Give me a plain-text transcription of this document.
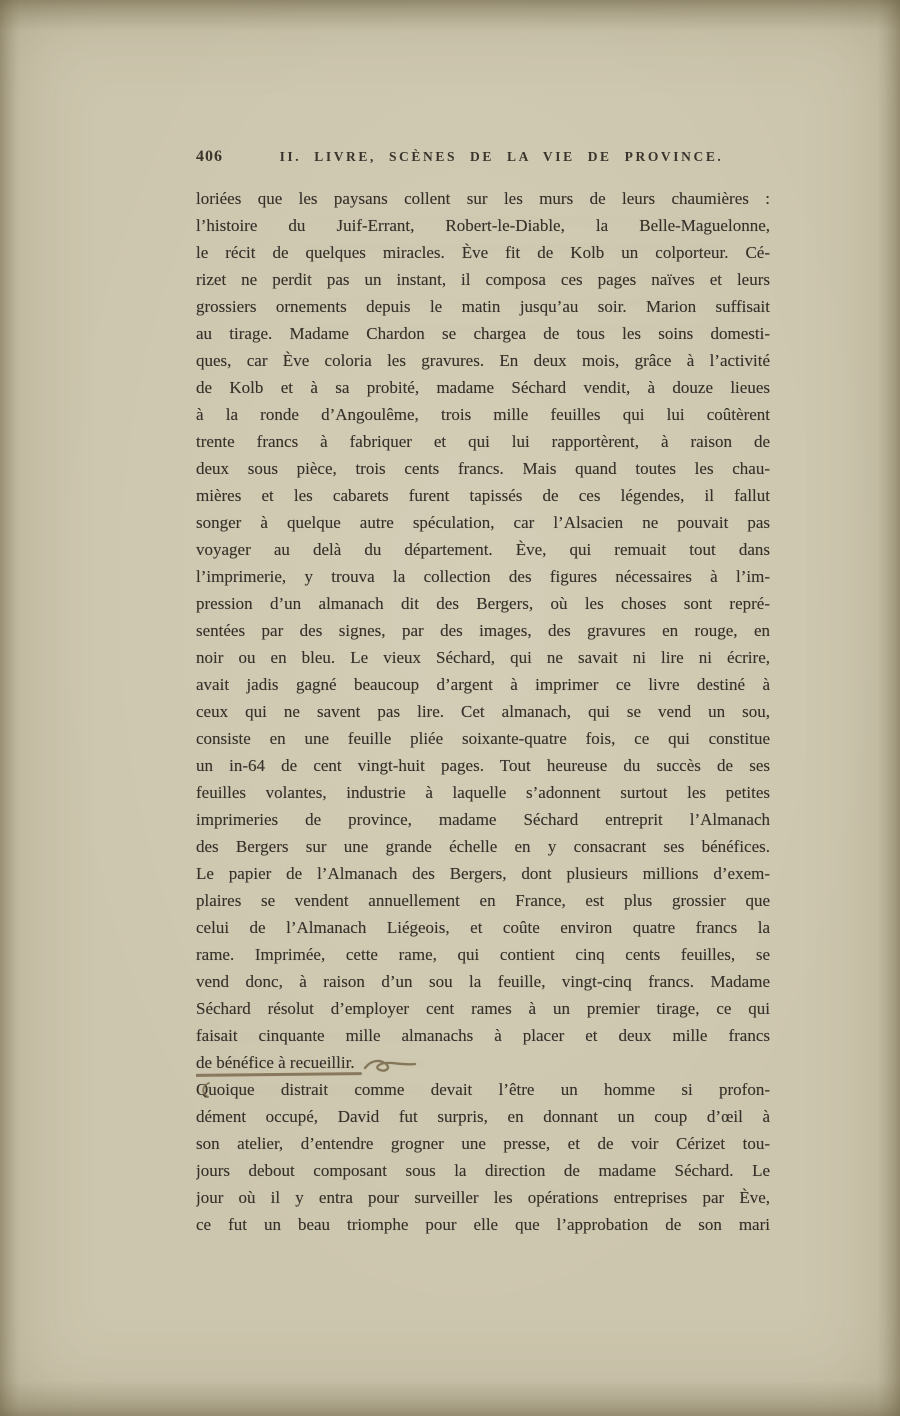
406	II. LIVRE, SCÈNES DE LA VIE DE PROVINCE.
loriées que les paysans collent sur les murs de leurs chaumières :
l’histoire du Juif-Errant, Robert-le-Diable, la Belle-Maguelonne,
le récit de quelques miracles. Ève fit de Kolb un colporteur. Cé-
rizet ne perdit pas un instant, il composa ces pages naïves et leurs
grossiers ornements depuis le matin jusqu’au soir. Marion suffisait
au tirage. Madame Chardon se chargea de tous les soins domesti-
ques, car Ève coloria les gravures. En deux mois, grâce à l’activité
de Kolb et à sa probité, madame Séchard vendit, à douze lieues
à la ronde d’Angoulême, trois mille feuilles qui lui coûtèrent
trente francs à fabriquer et qui lui rapportèrent, à raison de
deux sous pièce, trois cents francs. Mais quand toutes les chau-
mières et les cabarets furent tapissés de ces légendes, il fallut
songer à quelque autre spéculation, car l’Alsacien ne pouvait pas
voyager au delà du département. Ève, qui remuait tout dans
l’imprimerie, y trouva la collection des figures nécessaires à l’im-
pression d’un almanach dit des Bergers, où les choses sont repré-
sentées par des signes, par des images, des gravures en rouge, en
noir ou en bleu. Le vieux Séchard, qui ne savait ni lire ni écrire,
avait jadis gagné beaucoup d’argent à imprimer ce livre destiné à
ceux qui ne savent pas lire. Cet almanach, qui se vend un sou,
consiste en une feuille pliée soixante-quatre fois, ce qui constitue
un in-64 de cent vingt-huit pages. Tout heureuse du succès de ses
feuilles volantes, industrie à laquelle s’adonnent surtout les petites
imprimeries de province, madame Séchard entreprit l’Almanach
des Bergers sur une grande échelle en y consacrant ses bénéfices.
Le papier de l’Almanach des Bergers, dont plusieurs millions d’exem-
plaires se vendent annuellement en France, est plus grossier que
celui de l’Almanach Liégeois, et coûte environ quatre francs la
rame. Imprimée, cette rame, qui contient cinq cents feuilles, se
vend donc, à raison d’un sou la feuille, vingt-cinq francs. Madame
Séchard résolut d’employer cent rames à un premier tirage, ce qui
faisait cinquante mille almanachs à placer et deux mille francs
de bénéfice à recueillir.
Quoique distrait comme devait l’être un homme si profon-
dément occupé, David fut surpris, en donnant un coup d’œil à
son atelier, d’entendre grogner une presse, et de voir Cérizet tou-
jours debout composant sous la direction de madame Séchard. Le
jour où il y entra pour surveiller les opérations entreprises par Ève,
ce fut un beau triomphe pour elle que l’approbation de son mari
